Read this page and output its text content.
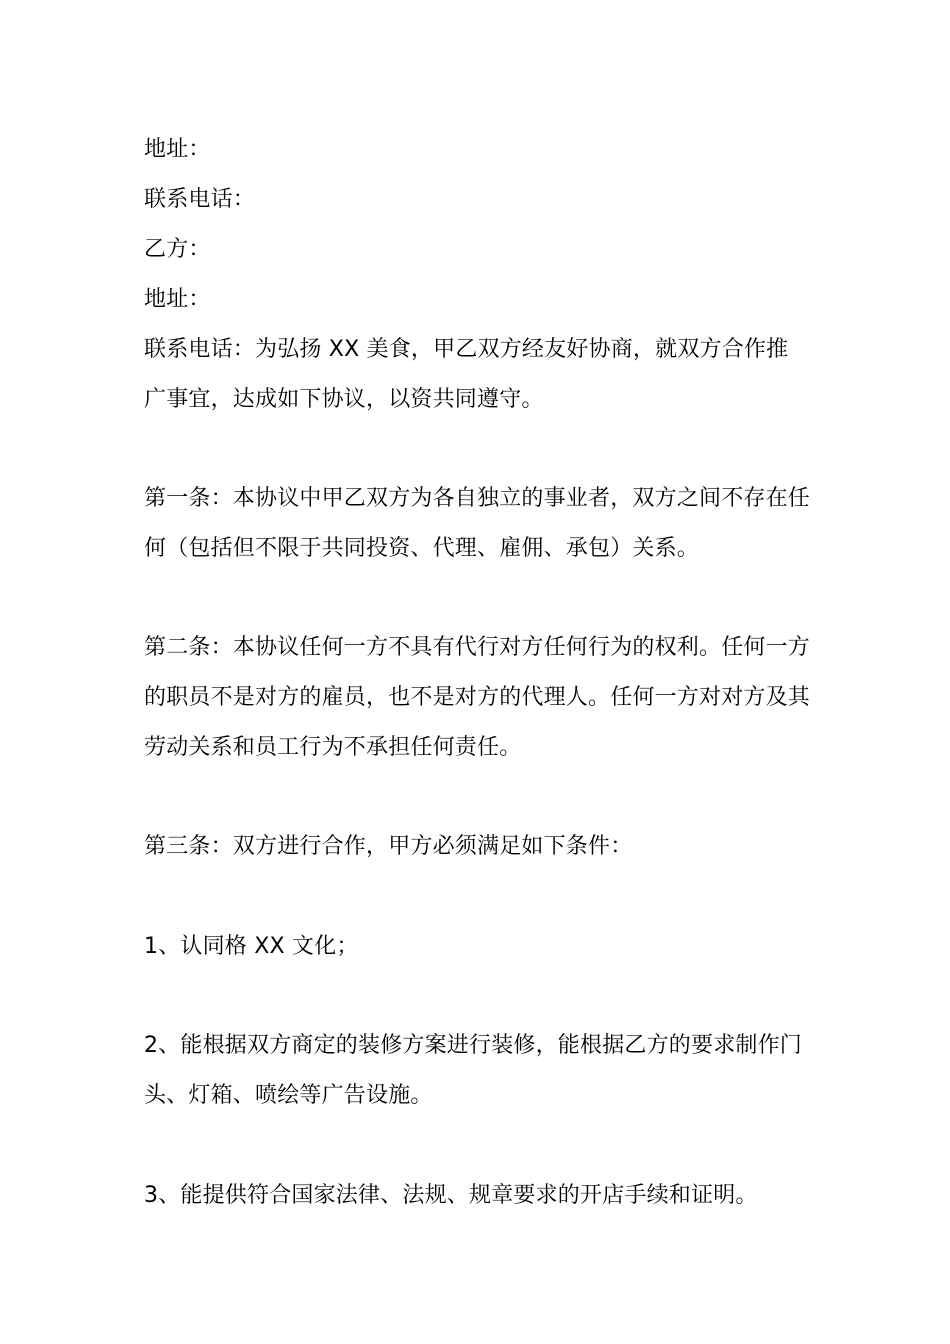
地址：
联系电话：
乙方：
地址：
联系电话：为弘扬 XX 美食，甲乙双方经友好协商，就双方合作推广事宜，达成如下协议，以资共同遵守。
第一条：本协议中甲乙双方为各自独立的事业者，双方之间不存在任何（包括但不限于共同投资、代理、雇佣、承包）关系。
第二条：本协议任何一方不具有代行对方任何行为的权利。任何一方的职员不是对方的雇员，也不是对方的代理人。任何一方对对方及其劳动关系和员工行为不承担任何责任。
第三条：双方进行合作，甲方必须满足如下条件：
1、认同格 XX 文化；
2、能根据双方商定的装修方案进行装修，能根据乙方的要求制作门头、灯箱、喷绘等广告设施。
3、能提供符合国家法律、法规、规章要求的开店手续和证明。
